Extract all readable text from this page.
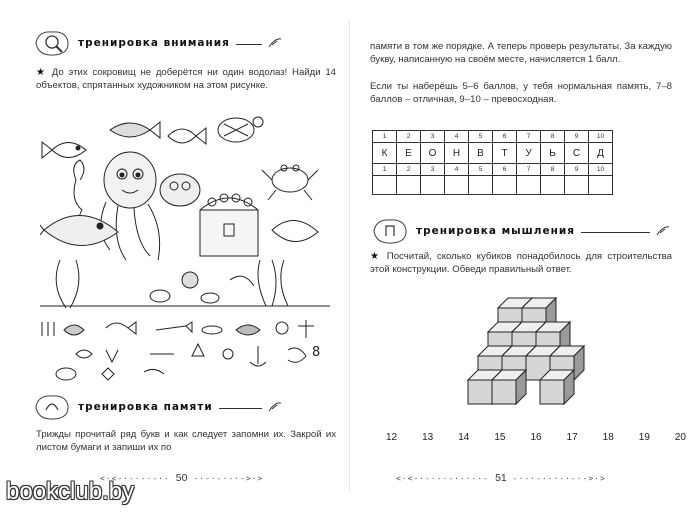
тренировка внимания
★ До этих сокровищ не доберётся ни один водолаз! Найди 14 объектов, спрятанных художником на этом рисунке.
8
тренировка памяти
Трижды прочитай ряд букв и как следует запомни их. Закрой их листом бумаги и запиши их по
<·<-·-·-·-·- 50 -·-·-·-·->·>
памяти в том же порядке. А теперь проверь результаты. За каждую букву, написанную на своём месте, начисляется 1 балл.
Если ты наберёшь 5–6 баллов, у тебя нормальная память, 7–8 баллов – отличная, 9–10 – превосходная.
1	2	3	4	5	6	7	8	9	10
К	Е	О	Н	В	Т	У	Ь	С	Д
1	2	3	4	5	6	7	8	9	10

тренировка мышления
★ Посчитай, сколько кубиков понадобилось для строительства этой конструкции. Обведи правильный ответ.
12 13 14 15 16 17 18 19 20
<·<-·-·-·-·-·-·- 51 -·-·-·-·-·-·->·>
bookclub.by
